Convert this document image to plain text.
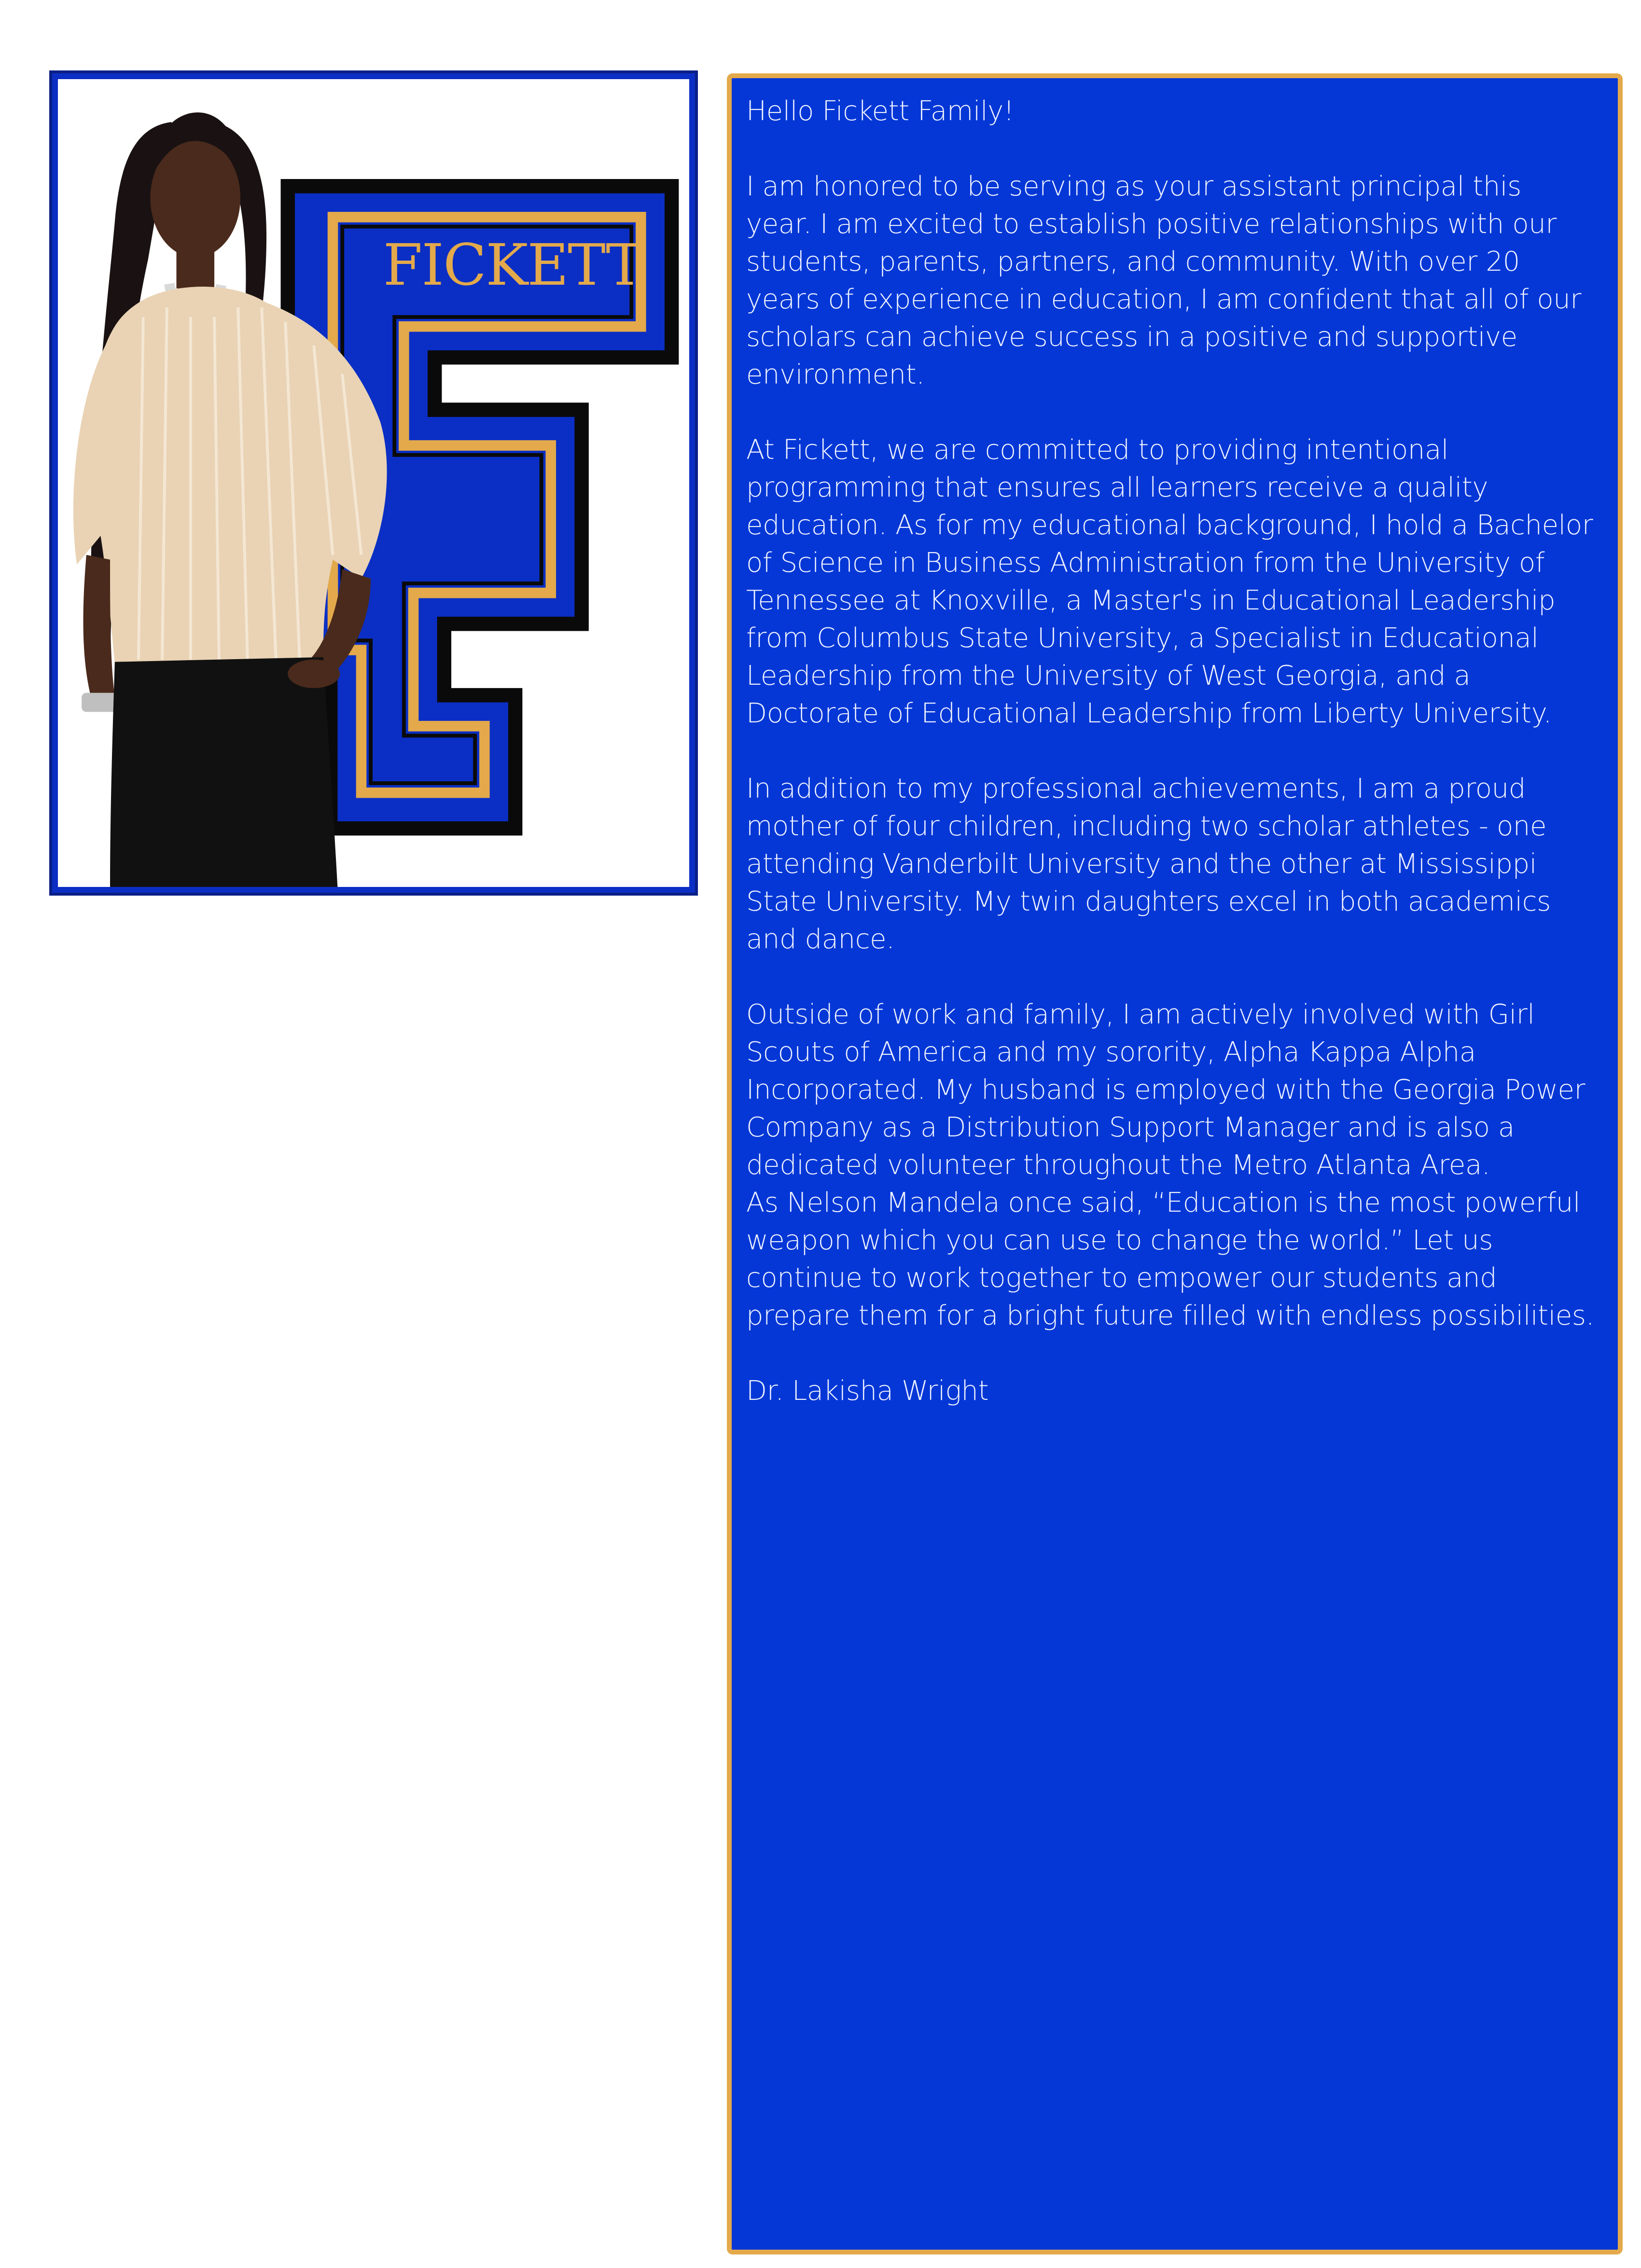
FICKETT

Hello Fickett Family!

I am honored to be serving as your assistant principal this year. I am excited to establish positive relationships with our students, parents, partners, and community. With over 20 years of experience in education, I am confident that all of our scholars can achieve success in a positive and supportive environment.

At Fickett, we are committed to providing intentional programming that ensures all learners receive a quality education. As for my educational background, I hold a Bachelor of Science in Business Administration from the University of Tennessee at Knoxville, a Master's in Educational Leadership from Columbus State University, a Specialist in Educational Leadership from the University of West Georgia, and a Doctorate of Educational Leadership from Liberty University.

In addition to my professional achievements, I am a proud mother of four children, including two scholar athletes - one attending Vanderbilt University and the other at Mississippi State University. My twin daughters excel in both academics and dance.

Outside of work and family, I am actively involved with Girl Scouts of America and my sorority, Alpha Kappa Alpha Incorporated. My husband is employed with the Georgia Power Company as a Distribution Support Manager and is also a dedicated volunteer throughout the Metro Atlanta Area.

As Nelson Mandela once said, “Education is the most powerful weapon which you can use to change the world.” Let us continue to work together to empower our students and prepare them for a bright future filled with endless possibilities.

Dr. Lakisha Wright
